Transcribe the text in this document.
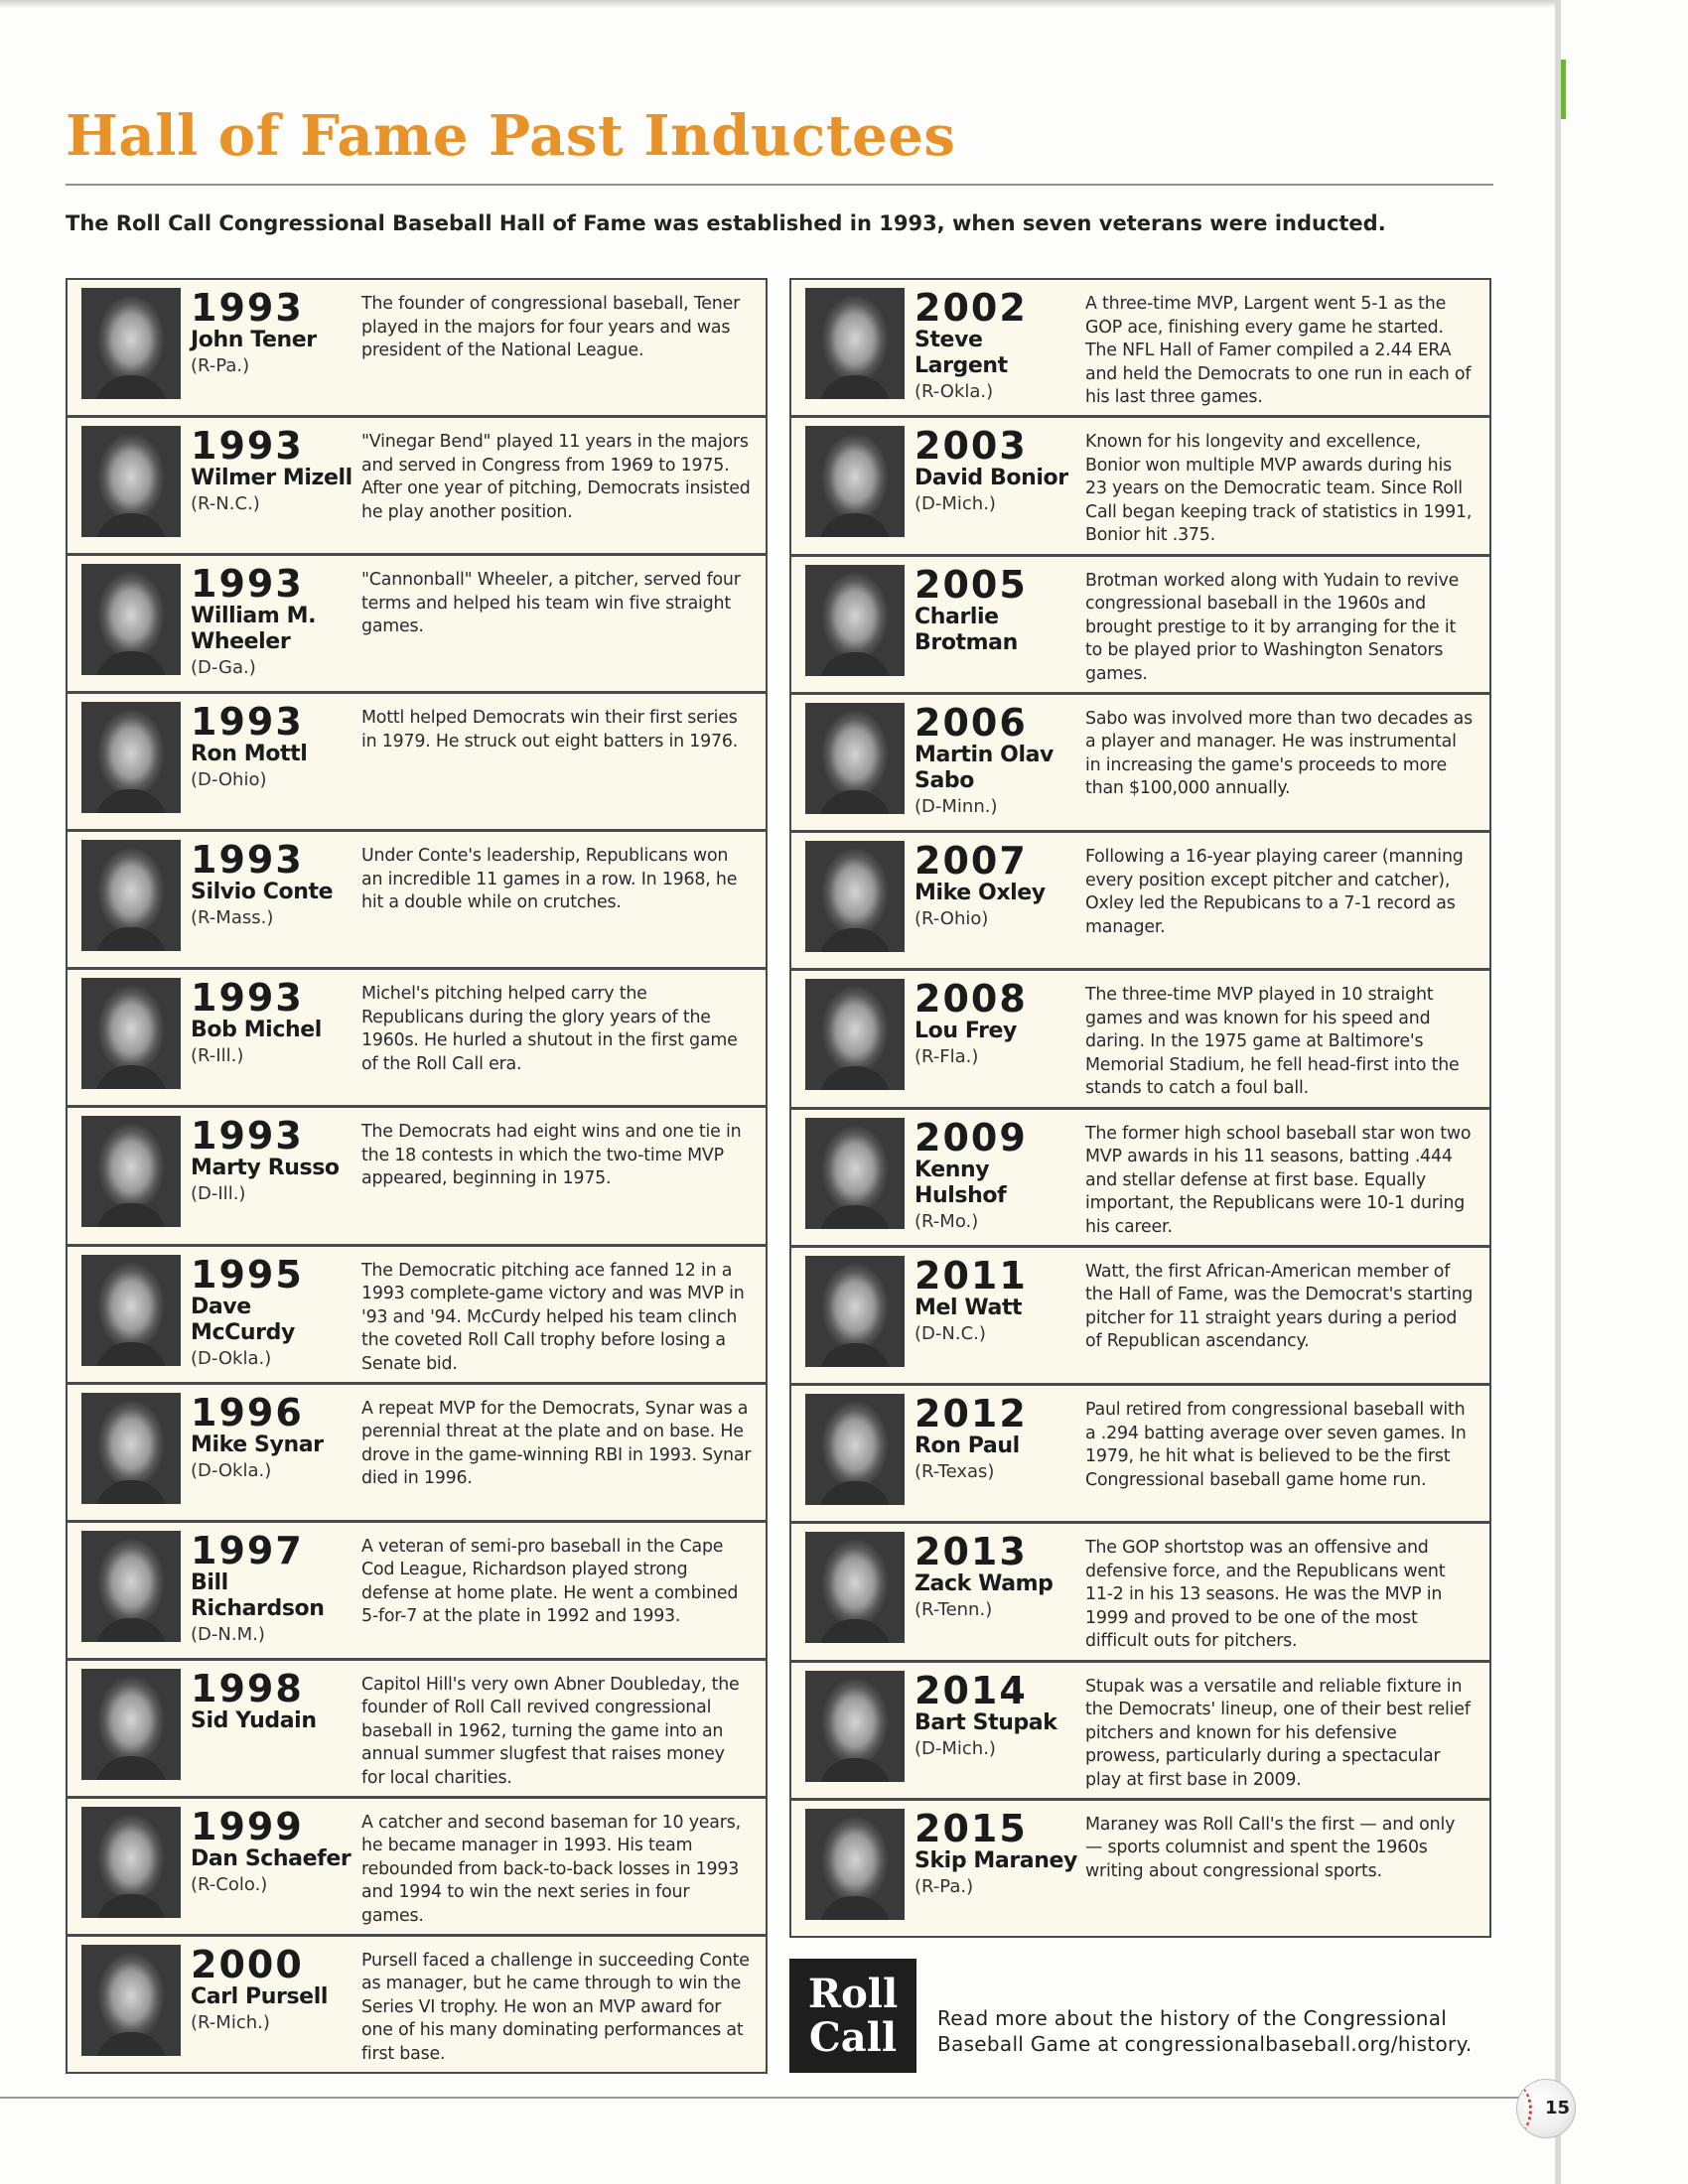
Hall of Fame Past Inductees

The Roll Call Congressional Baseball Hall of Fame was established in 1993, when seven veterans were inducted.

1993
John Tener
(R-Pa.)
The founder of congressional baseball, Tener played in the majors for four years and was president of the National League.
1993
Wilmer Mizell
(R-N.C.)
"Vinegar Bend" played 11 years in the majors and served in Congress from 1969 to 1975. After one year of pitching, Democrats insisted he play another position.
1993
William M. Wheeler
(D-Ga.)
"Cannonball" Wheeler, a pitcher, served four terms and helped his team win five straight games.
1993
Ron Mottl
(D-Ohio)
Mottl helped Democrats win their first series in 1979. He struck out eight batters in 1976.
1993
Silvio Conte
(R-Mass.)
Under Conte's leadership, Republicans won an incredible 11 games in a row. In 1968, he hit a double while on crutches.
1993
Bob Michel
(R-Ill.)
Michel's pitching helped carry the Republicans during the glory years of the 1960s. He hurled a shutout in the first game of the Roll Call era.
1993
Marty Russo
(D-Ill.)
The Democrats had eight wins and one tie in the 18 contests in which the two-time MVP appeared, beginning in 1975.
1995
Dave McCurdy
(D-Okla.)
The Democratic pitching ace fanned 12 in a 1993 complete-game victory and was MVP in '93 and '94. McCurdy helped his team clinch the coveted Roll Call trophy before losing a Senate bid.
1996
Mike Synar
(D-Okla.)
A repeat MVP for the Democrats, Synar was a perennial threat at the plate and on base. He drove in the game-winning RBI in 1993. Synar died in 1996.
1997
Bill Richardson
(D-N.M.)
A veteran of semi-pro baseball in the Cape Cod League, Richardson played strong defense at home plate. He went a combined 5-for-7 at the plate in 1992 and 1993.
1998
Sid Yudain
Capitol Hill's very own Abner Doubleday, the founder of Roll Call revived congressional baseball in 1962, turning the game into an annual summer slugfest that raises money for local charities.
1999
Dan Schaefer
(R-Colo.)
A catcher and second baseman for 10 years, he became manager in 1993. His team rebounded from back-to-back losses in 1993 and 1994 to win the next series in four games.
2000
Carl Pursell
(R-Mich.)
Pursell faced a challenge in succeeding Conte as manager, but he came through to win the Series VI trophy. He won an MVP award for one of his many dominating performances at first base.
2002
Steve Largent
(R-Okla.)
A three-time MVP, Largent went 5-1 as the GOP ace, finishing every game he started. The NFL Hall of Famer compiled a 2.44 ERA and held the Democrats to one run in each of his last three games.
2003
David Bonior
(D-Mich.)
Known for his longevity and excellence, Bonior won multiple MVP awards during his 23 years on the Democratic team. Since Roll Call began keeping track of statistics in 1991, Bonior hit .375.
2005
Charlie Brotman
Brotman worked along with Yudain to revive congressional baseball in the 1960s and brought prestige to it by arranging for the it to be played prior to Washington Senators games.
2006
Martin Olav Sabo
(D-Minn.)
Sabo was involved more than two decades as a player and manager. He was instrumental in increasing the game's proceeds to more than $100,000 annually.
2007
Mike Oxley
(R-Ohio)
Following a 16-year playing career (manning every position except pitcher and catcher), Oxley led the Repubicans to a 7-1 record as manager.
2008
Lou Frey
(R-Fla.)
The three-time MVP played in 10 straight games and was known for his speed and daring. In the 1975 game at Baltimore's Memorial Stadium, he fell head-first into the stands to catch a foul ball.
2009
Kenny Hulshof
(R-Mo.)
The former high school baseball star won two MVP awards in his 11 seasons, batting .444 and stellar defense at first base. Equally important, the Republicans were 10-1 during his career.
2011
Mel Watt
(D-N.C.)
Watt, the first African-American member of the Hall of Fame, was the Democrat's starting pitcher for 11 straight years during a period of Republican ascendancy.
2012
Ron Paul
(R-Texas)
Paul retired from congressional baseball with a .294 batting average over seven games. In 1979, he hit what is believed to be the first Congressional baseball game home run.
2013
Zack Wamp
(R-Tenn.)
The GOP shortstop was an offensive and defensive force, and the Republicans went 11-2 in his 13 seasons. He was the MVP in 1999 and proved to be one of the most difficult outs for pitchers.
2014
Bart Stupak
(D-Mich.)
Stupak was a versatile and reliable fixture in the Democrats' lineup, one of their best relief pitchers and known for his defensive prowess, particularly during a spectacular play at first base in 2009.
2015
Skip Maraney
(R-Pa.)
Maraney was Roll Call's the first — and only — sports columnist and spent the 1960s writing about congressional sports.
Roll
Call Read more about the history of the Congressional Baseball Game at congressionalbaseball.org/history.

15
